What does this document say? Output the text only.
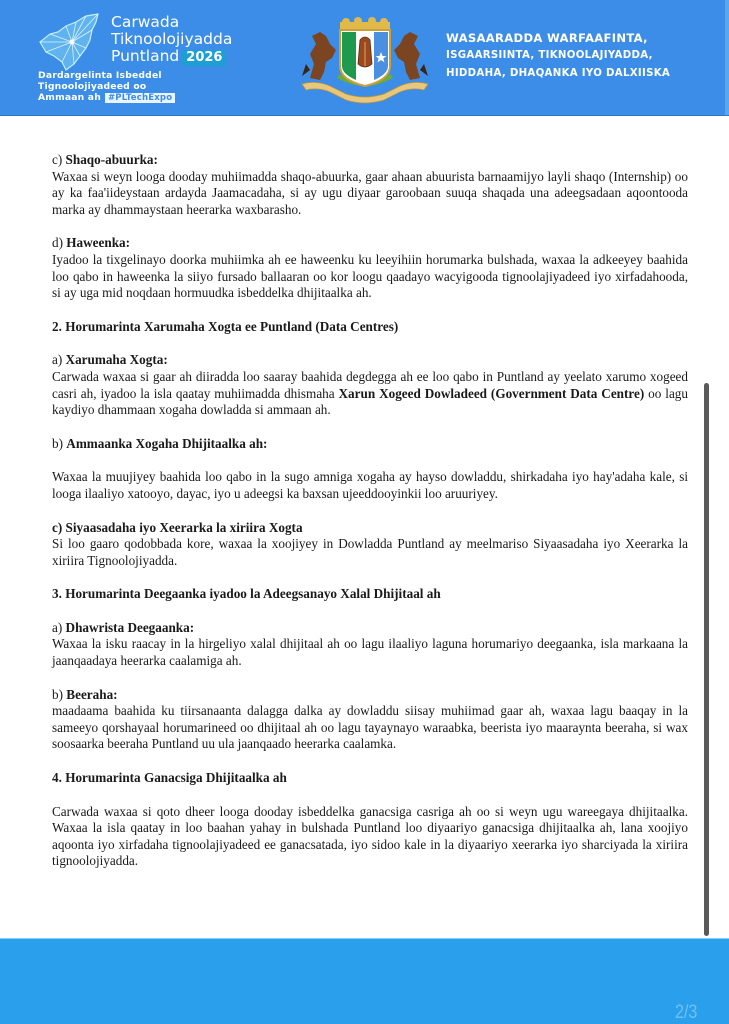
Carwada
Tiknoolojiyadda
Puntland 2026
Dardargelinta Isbeddel
Tignoolojiyadeed oo
Ammaan ah #PLTechExpo
WASAARADDA WARFAAFINTA,
ISGAARSIINTA, TIKNOOLAJIYADDA,
HIDDAHA, DHAQANKA IYO DALXIISKA
c) Shaqo-abuurka:

Waxaa si weyn looga dooday muhiimadda shaqo-abuurka, gaar ahaan abuurista barnaamijyo layli shaqo (Internship) oo ay ka faa'iideystaan ardayda Jaamacadaha, si ay ugu diyaar garoobaan suuqa shaqada una adeegsadaan aqoontooda marka ay dhammaystaan heerarka waxbarasho.

d) Haweenka:

Iyadoo la tixgelinayo doorka muhiimka ah ee haweenku ku leeyihiin horumarka bulshada, waxaa la adkeeyey baahida loo qabo in haweenka la siiyo fursado ballaaran oo kor loogu qaadayo wacyigooda tignoolajiyadeed iyo xirfadahooda, si ay uga mid noqdaan hormuudka isbeddelka dhijitaalka ah.

2. Horumarinta Xarumaha Xogta ee Puntland (Data Centres)
a) Xarumaha Xogta:

Carwada waxaa si gaar ah diiradda loo saaray baahida degdegga ah ee loo qabo in Puntland ay yeelato xarumo xogeed casri ah, iyadoo la isla qaatay muhiimadda dhismaha Xarun Xogeed Dowladeed (Government Data Centre) oo lagu kaydiyo dhammaan xogaha dowladda si ammaan ah.

b) Ammaanka Xogaha Dhijitaalka ah:

Waxaa la muujiyey baahida loo qabo in la sugo amniga xogaha ay hayso dowladdu, shirkadaha iyo hay'adaha kale, si looga ilaaliyo xatooyo, dayac, iyo u adeegsi ka baxsan ujeeddooyinkii loo aruuriyey.

c) Siyaasadaha iyo Xeerarka la xiriira Xogta

Si loo gaaro qodobbada kore, waxaa la xoojiyey in Dowladda Puntland ay meelmariso Siyaasadaha iyo Xeerarka la xiriira Tignoolojiyadda.

3. Horumarinta Deegaanka iyadoo la Adeegsanayo Xalal Dhijitaal ah
a) Dhawrista Deegaanka:

Waxaa la isku raacay in la hirgeliyo xalal dhijitaal ah oo lagu ilaaliyo laguna horumariyo deegaanka, isla markaana la jaanqaadaya heerarka caalamiga ah.

b) Beeraha:

maadaama baahida ku tiirsanaanta dalagga dalka ay dowladdu siisay muhiimad gaar ah, waxaa lagu baaqay in la sameeyo qorshayaal horumarineed oo dhijitaal ah oo lagu tayaynayo waraabka, beerista iyo maaraynta beeraha, si wax soosaarka beeraha Puntland uu ula jaanqaado heerarka caalamka.

4. Horumarinta Ganacsiga Dhijitaalka ah

Carwada waxaa si qoto dheer looga dooday isbeddelka ganacsiga casriga ah oo si weyn ugu wareegaya dhijitaalka. Waxaa la isla qaatay in loo baahan yahay in bulshada Puntland loo diyaariyo ganacsiga dhijitaalka ah, lana xoojiyo aqoonta iyo xirfadaha tignoolajiyadeed ee ganacsatada, iyo sidoo kale in la diyaariyo xeerarka iyo sharciyada la xiriira tignoolojiyadda.

2/3
